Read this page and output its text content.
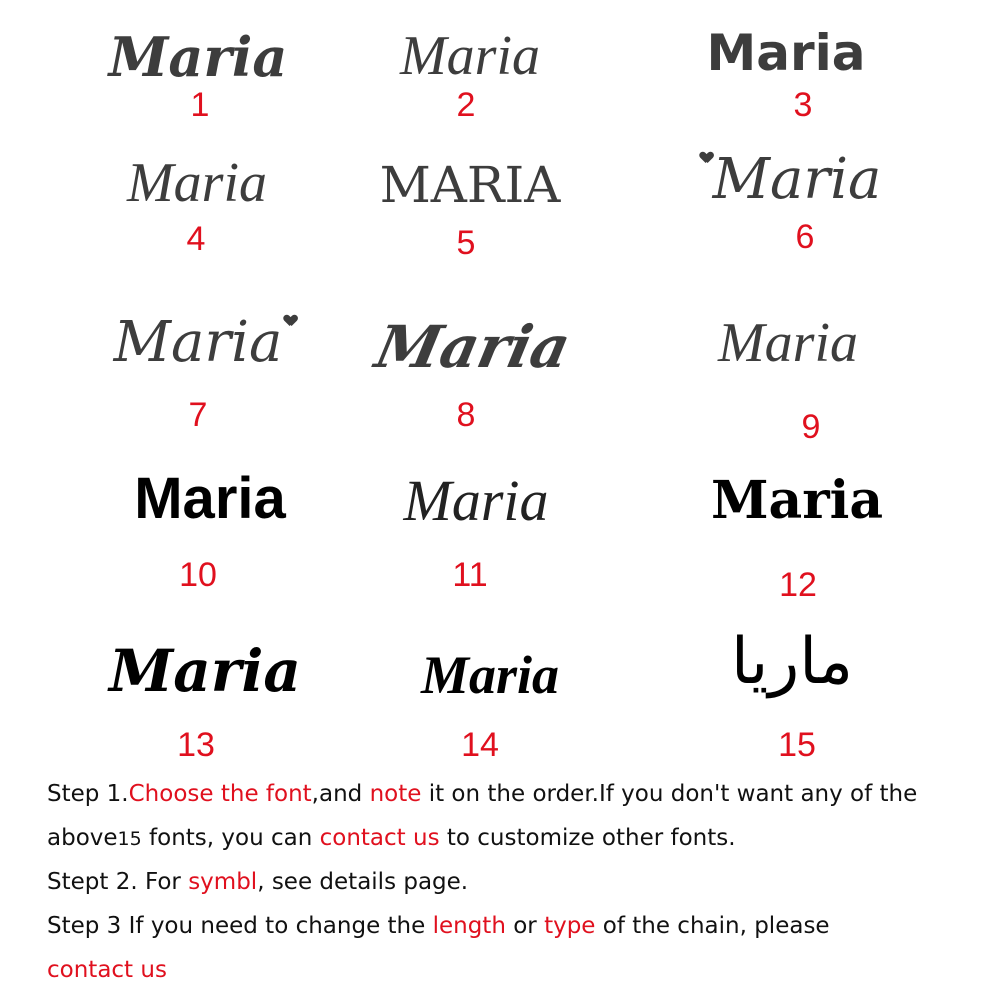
Maria
1
Maria
2
Maria
3
Maria
4
MARIA
5
Maria
6
Maria
7
Maria
8
Maria
9
Maria
10
Maria
11
Maria
12
Maria
13
Maria
14
ماريا
15
Step 1.Choose the font,and note it on the order.If you don't want any of the
above15 fonts, you can contact us to customize other fonts.
Stept 2. For symbl, see details page.
Step 3 If you need to change the length or type of the chain, please
contact us
